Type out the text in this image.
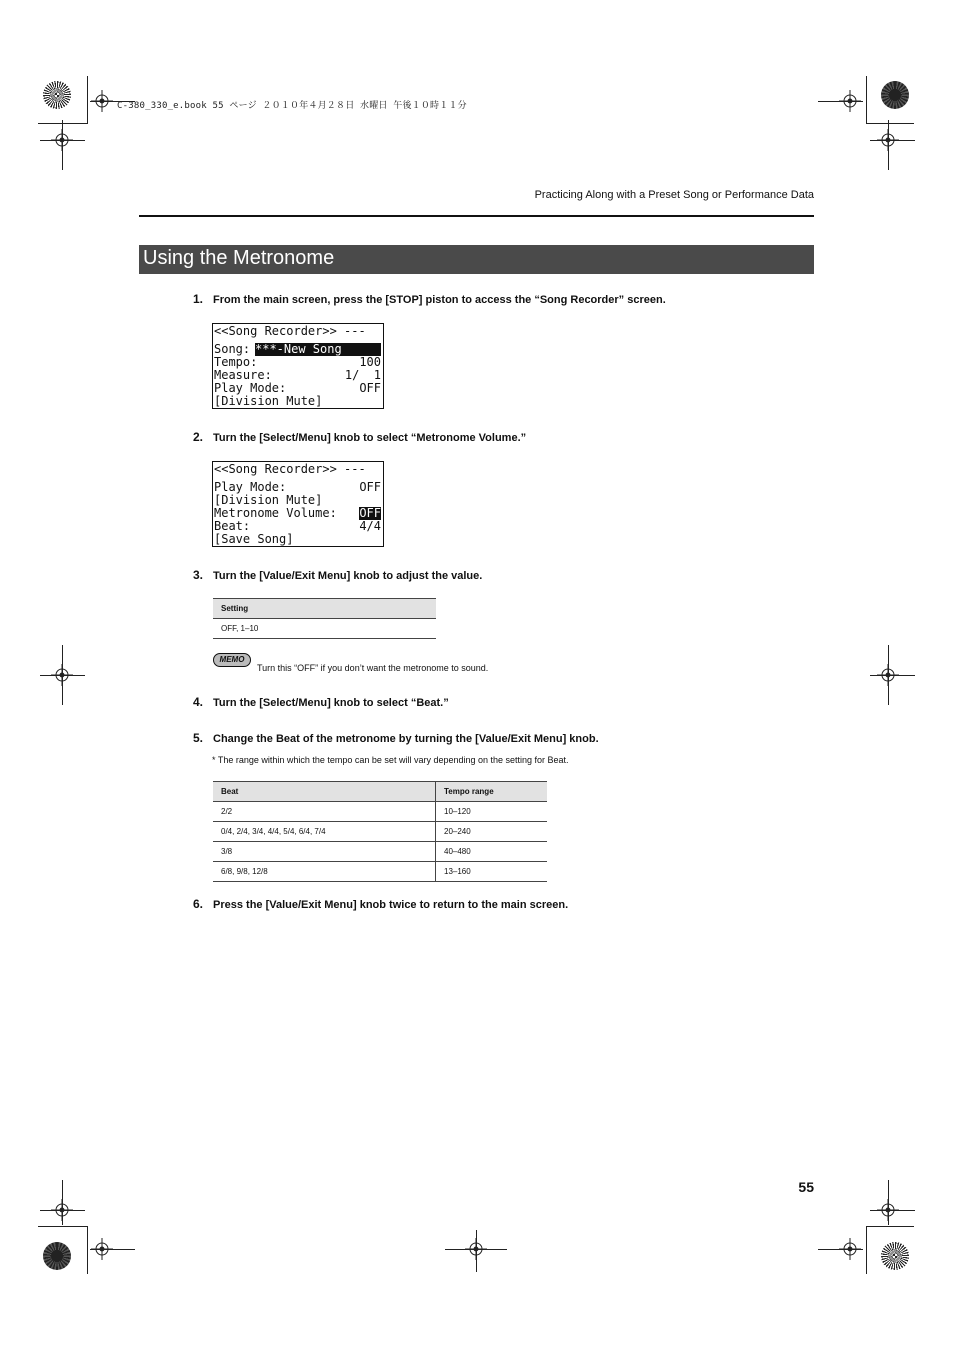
C-380_330_e.book 55 ページ ２０１０年４月２８日 水曜日 午後１０時１１分
Practicing Along with a Preset Song or Performance Data
Using the Metronome
1. From the main screen, press the [STOP] piston to access the “Song Recorder” screen.
<<Song Recorder>> ---
Song: ***-New Song
Tempo:	100
Measure:	1/  1
Play Mode:	OFF
[Division Mute]
2. Turn the [Select/Menu] knob to select “Metronome Volume.”
<<Song Recorder>> ---
Play Mode:	OFF
[Division Mute]
Metronome Volume: OFF
Beat:	4/4
[Save Song]
3. Turn the [Value/Exit Menu] knob to adjust the value.
Setting
OFF, 1–10
MEMO
Turn this “OFF” if you don’t want the metronome to sound.
4. Turn the [Select/Menu] knob to select “Beat.”
5. Change the Beat of the metronome by turning the [Value/Exit Menu] knob.
* The range within which the tempo can be set will vary depending on the setting for Beat.
Beat	Tempo range
2/2	10–120
0/4, 2/4, 3/4, 4/4, 5/4, 6/4, 7/4	20–240
3/8	40–480
6/8, 9/8, 12/8	13–160
6. Press the [Value/Exit Menu] knob twice to return to the main screen.
55
